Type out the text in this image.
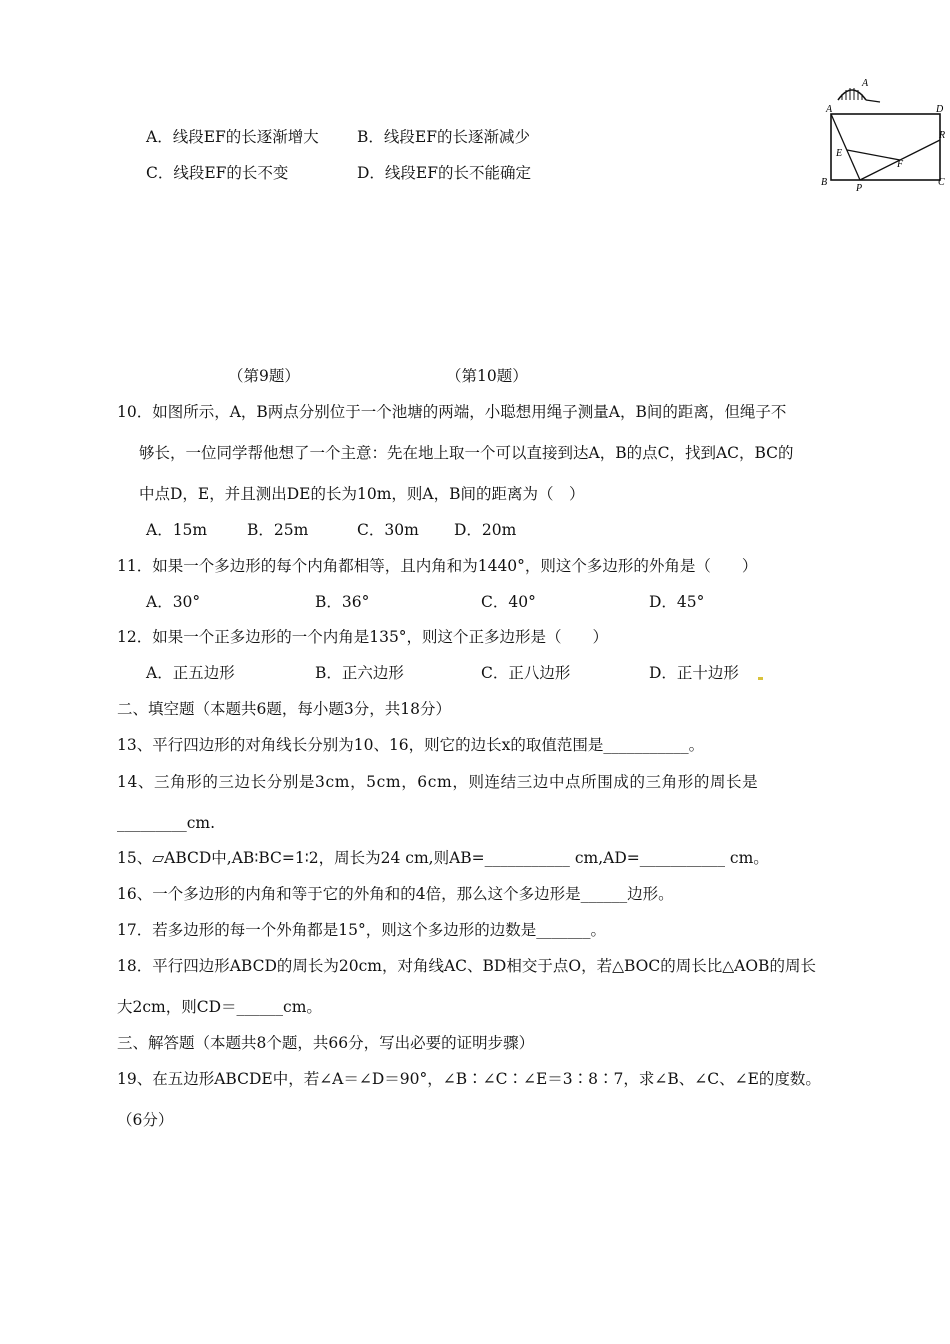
A．线段EF的长逐渐增大 B．线段EF的长逐渐减少
C．线段EF的长不变	D．线段EF的长不能确定
A
A	D
R
E
F
B
P
C
（第9题）	（第10题）
10．如图所示，A，B两点分别位于一个池塘的两端，小聪想用绳子测量A，B间的距离，但绳子不
够长，一位同学帮他想了一个主意：先在地上取一个可以直接到达A，B的点C，找到AC，BC的
中点D，E，并且测出DE的长为10m，则A，B间的距离为（　）
A．15m	B．25m	C．30m D．20m
11．如果一个多边形的每个内角都相等，且内角和为1440°，则这个多边形的外角是（　　）
A．30°	B．36°	C．40°	D．45°
12．如果一个正多边形的一个内角是135°，则这个正多边形是（　　）
A．正五边形	B．正六边形	C．正八边形	D．正十边形
二、填空题（本题共6题，每小题3分，共18分）
13、平行四边形的对角线长分别为10、16，则它的边长x的取值范围是___________。
14、三角形的三边长分别是3cm，5cm，6cm，则连结三边中点所围成的三角形的周长是
_________cm.
15、▱ABCD中,AB∶BC=1∶2，周长为24 cm,则AB=___________ cm,AD=___________ cm。
16、一个多边形的内角和等于它的外角和的4倍，那么这个多边形是______边形。
17．若多边形的每一个外角都是15°，则这个多边形的边数是_______。
18．平行四边形ABCD的周长为20cm，对角线AC、BD相交于点O，若△BOC的周长比△AOB的周长
大2cm，则CD＝______cm。
三、解答题（本题共8个题，共66分，写出必要的证明步骤）
19、在五边形ABCDE中，若∠A＝∠D＝90°，∠B∶∠C∶∠E＝3∶8∶7，求∠B、∠C、∠E的度数。
（6分）
